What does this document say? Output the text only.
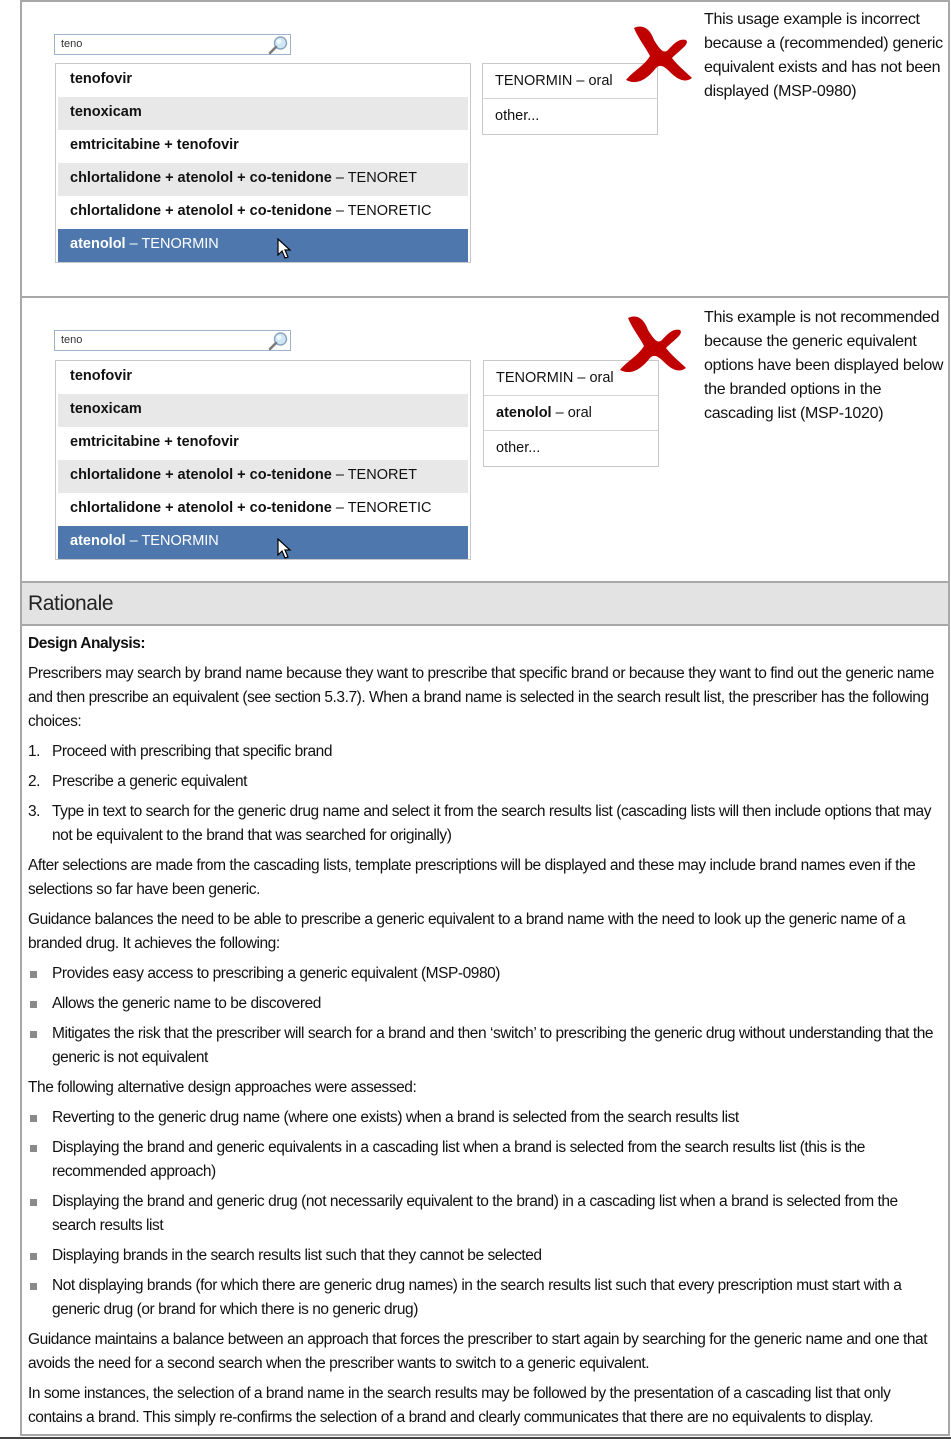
teno
tenofovir
tenoxicam
emtricitabine + tenofovir
chlortalidone + atenolol + co-tenidone – TENORET
chlortalidone + atenolol + co-tenidone – TENORETIC
atenolol – TENORMIN
TENORMIN – oral
other...
This usage example is incorrect because a (recommended) generic equivalent exists and has not been displayed (MSP-0980)
teno
tenofovir
tenoxicam
emtricitabine + tenofovir
chlortalidone + atenolol + co-tenidone – TENORET
chlortalidone + atenolol + co-tenidone – TENORETIC
atenolol – TENORMIN
TENORMIN – oral
atenolol – oral
other...
This example is not recommended because the generic equivalent options have been displayed below the branded options in the cascading list (MSP-1020)
Rationale
Design Analysis:

Prescribers may search by brand name because they want to prescribe that specific brand or because they want to find out the generic name and then prescribe an equivalent (see section 5.3.7). When a brand name is selected in the search result list, the prescriber has the following choices:

1. Proceed with prescribing that specific brand
2. Prescribe a generic equivalent
3. Type in text to search for the generic drug name and select it from the search results list (cascading lists will then include options that may not be equivalent to the brand that was searched for originally)

After selections are made from the cascading lists, template prescriptions will be displayed and these may include brand names even if the selections so far have been generic.

Guidance balances the need to be able to prescribe a generic equivalent to a brand name with the need to look up the generic name of a branded drug. It achieves the following:

Provides easy access to prescribing a generic equivalent (MSP-0980)
Allows the generic name to be discovered
Mitigates the risk that the prescriber will search for a brand and then ‘switch’ to prescribing the generic drug without understanding that the generic is not equivalent

The following alternative design approaches were assessed:

Reverting to the generic drug name (where one exists) when a brand is selected from the search results list
Displaying the brand and generic equivalents in a cascading list when a brand is selected from the search results list (this is the recommended approach)
Displaying the brand and generic drug (not necessarily equivalent to the brand) in a cascading list when a brand is selected from the search results list
Displaying brands in the search results list such that they cannot be selected
Not displaying brands (for which there are generic drug names) in the search results list such that every prescription must start with a generic drug (or brand for which there is no generic drug)

Guidance maintains a balance between an approach that forces the prescriber to start again by searching for the generic name and one that avoids the need for a second search when the prescriber wants to switch to a generic equivalent.

In some instances, the selection of a brand name in the search results may be followed by the presentation of a cascading list that only contains a brand. This simply re-confirms the selection of a brand and clearly communicates that there are no equivalents to display.
